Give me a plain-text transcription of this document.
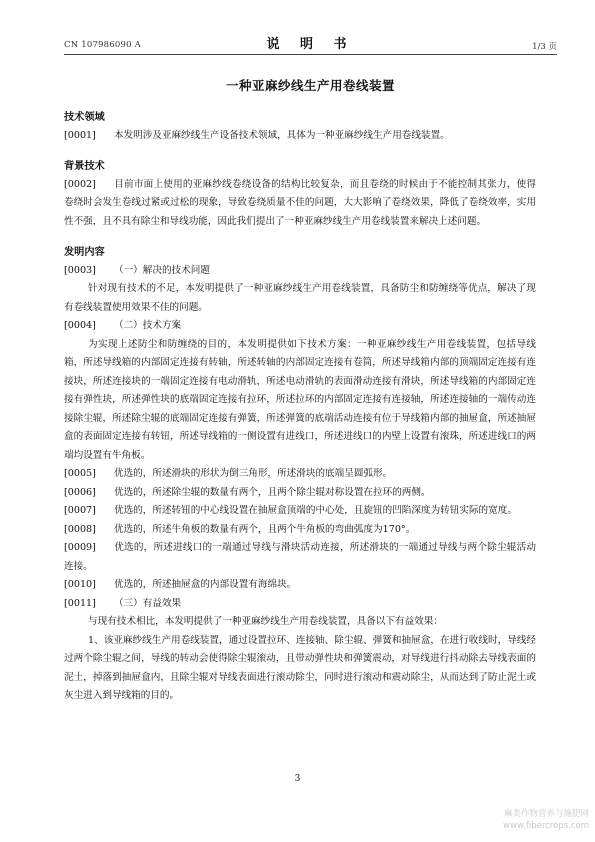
CN 107986090 A	说 明 书	1/3 页
一种亚麻纱线生产用卷线装置

技术领域

[0001] 本发明涉及亚麻纱线生产设备技术领域，具体为一种亚麻纱线生产用卷线装置。

背景技术

[0002] 目前市面上使用的亚麻纱线卷绕设备的结构比较复杂，而且卷绕的时候由于不能控制其张力，使得卷绕时会发生卷线过紧或过松的现象，导致卷绕质量不佳的问题，大大影响了卷绕效果，降低了卷绕效率，实用性不强，且不具有除尘和导线功能，因此我们提出了一种亚麻纱线生产用卷线装置来解决上述问题。

发明内容

[0003] （一）解决的技术问题

针对现有技术的不足，本发明提供了一种亚麻纱线生产用卷线装置，具备防尘和防缠绕等优点，解决了现有卷线装置使用效果不佳的问题。

[0004] （二）技术方案

为实现上述防尘和防缠绕的目的，本发明提供如下技术方案：一种亚麻纱线生产用卷线装置，包括导线箱，所述导线箱的内部固定连接有转轴，所述转轴的内部固定连接有卷筒，所述导线箱内部的顶端固定连接有连接块，所述连接块的一端固定连接有电动滑轨，所述电动滑轨的表面滑动连接有滑块，所述导线箱的内部固定连接有弹性块，所述弹性块的底端固定连接有拉环，所述拉环的内部固定连接有连接轴，所述连接轴的一端传动连接除尘辊，所述除尘辊的底端固定连接有弹簧，所述弹簧的底端活动连接有位于导线箱内部的抽屉盒，所述抽屉盒的表面固定连接有转钮，所述导线箱的一侧设置有进线口，所述进线口的内壁上设置有滚珠，所述进线口的两端均设置有牛角板。

[0005] 优选的，所述滑块的形状为倒三角形，所述滑块的底端呈圆弧形。

[0006] 优选的，所述除尘辊的数量有两个，且两个除尘辊对称设置在拉环的两侧。

[0007] 优选的，所述转钮的中心线设置在抽屉盒顶端的中心处，且旋钮的凹陷深度为转钮实际的宽度。

[0008] 优选的，所述牛角板的数量有两个，且两个牛角板的弯曲弧度为170°。

[0009] 优选的，所述进线口的一端通过导线与滑块活动连接，所述滑块的一端通过导线与两个除尘辊活动连接。

[0010] 优选的，所述抽屉盒的内部设置有海绵块。

[0011] （三）有益效果

与现有技术相比，本发明提供了一种亚麻纱线生产用卷线装置，具备以下有益效果：

1、该亚麻纱线生产用卷线装置，通过设置拉环、连接轴、除尘辊、弹簧和抽屉盒，在进行收线时，导线经过两个除尘辊之间，导线的转动会使得除尘辊滚动，且带动弹性块和弹簧震动，对导线进行抖动除去导线表面的泥土，掉落到抽屉盒内，且除尘辊对导线表面进行滚动除尘，同时进行滚动和震动除尘，从而达到了防止泥土或灰尘进入到导线箱的目的。

3
麻类作物营养与施肥网
www.fibercrops.com
